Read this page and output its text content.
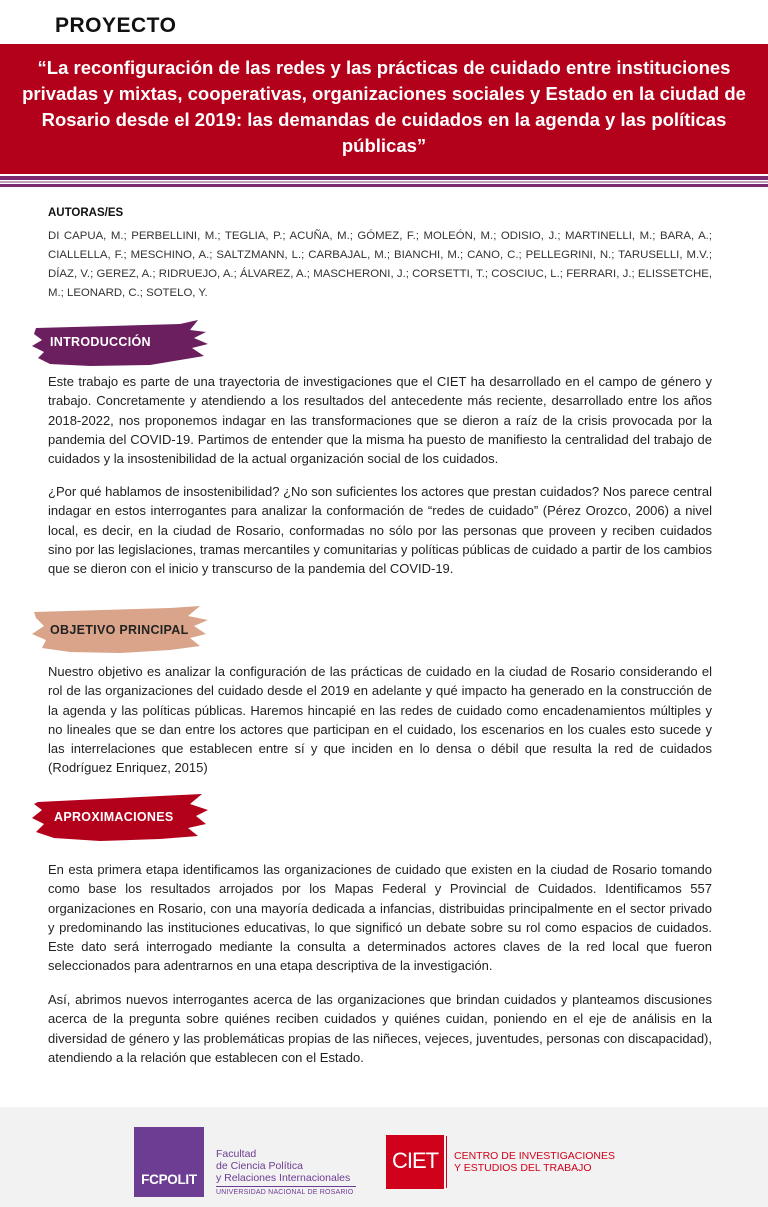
PROYECTO
“La reconfiguración de las redes y las prácticas de cuidado entre instituciones privadas y mixtas, cooperativas, organizaciones sociales y Estado en la ciudad de Rosario desde el 2019: las demandas de cuidados en la agenda y las políticas públicas”
AUTORAS/ES
DI CAPUA, M.; PERBELLINI, M.; TEGLIA, P.; ACUÑA, M.; GÓMEZ, F.; MOLEÓN, M.; ODISIO, J.; MARTINELLI, M.; BARA, A.; CIALLELLA, F.; MESCHINO, A.; SALTZMANN, L.; CARBAJAL, M.; BIANCHI, M.; CANO, C.; PELLEGRINI, N.; TARUSELLI, M.V.; DÍAZ, V.; GEREZ, A.; RIDRUEJO, A.; ÁLVAREZ, A.; MASCHERONI, J.; CORSETTI, T.; COSCIUC, L.; FERRARI, J.; ELISSETCHE, M.; LEONARD, C.; SOTELO, Y.
INTRODUCCIÓN
Este trabajo es parte de una trayectoria de investigaciones que el CIET ha desarrollado en el campo de género y trabajo. Concretamente y atendiendo a los resultados del antecedente más reciente, desarrollado entre los años 2018-2022, nos proponemos indagar en las transformaciones que se dieron a raíz de la crisis provocada por la pandemia del COVID-19. Partimos de entender que la misma ha puesto de manifiesto la centralidad del trabajo de cuidados y la insostenibilidad de la actual organización social de los cuidados.
¿Por qué hablamos de insostenibilidad? ¿No son suficientes los actores que prestan cuidados? Nos parece central indagar en estos interrogantes para analizar la conformación de “redes de cuidado” (Pérez Orozco, 2006) a nivel local, es decir, en la ciudad de Rosario, conformadas no sólo por las personas que proveen y reciben cuidados sino por las legislaciones, tramas mercantiles y comunitarias y políticas públicas de cuidado a partir de los cambios que se dieron con el inicio y transcurso de la pandemia del COVID-19.
OBJETIVO PRINCIPAL
Nuestro objetivo es analizar la configuración de las prácticas de cuidado en la ciudad de Rosario considerando el rol de las organizaciones del cuidado desde el 2019 en adelante y qué impacto ha generado en la construcción de la agenda y las políticas públicas. Haremos hincapié en las redes de cuidado como encadenamientos múltiples y no lineales que se dan entre los actores que participan en el cuidado, los escenarios en los cuales esto sucede y las interrelaciones que establecen entre sí y que inciden en lo densa o débil que resulta la red de cuidados (Rodríguez Enriquez, 2015)
APROXIMACIONES
En esta primera etapa identificamos las organizaciones de cuidado que existen en la ciudad de Rosario tomando como base los resultados arrojados por los Mapas Federal y Provincial de Cuidados. Identificamos 557 organizaciones en Rosario, con una mayoría dedicada a infancias, distribuidas principalmente en el sector privado y predominando las instituciones educativas, lo que significó un debate sobre su rol como espacios de cuidados. Este dato será interrogado mediante la consulta a determinados actores claves de la red local que fueron seleccionados para adentrarnos en una etapa descriptiva de la investigación.
Así, abrimos nuevos interrogantes acerca de las organizaciones que brindan cuidados y planteamos discusiones acerca de la pregunta sobre quiénes reciben cuidados y quiénes cuidan, poniendo en el eje de análisis en la diversidad de género y las problemáticas propias de las niñeces, vejeces, juventudes, personas con discapacidad), atendiendo a la relación que establecen con el Estado.
FCPOLIT
Facultad
de Ciencia Política
y Relaciones Internacionales
UNIVERSIDAD NACIONAL DE ROSARIO
CIET	CENTRO DE INVESTIGACIONES
Y ESTUDIOS DEL TRABAJO
